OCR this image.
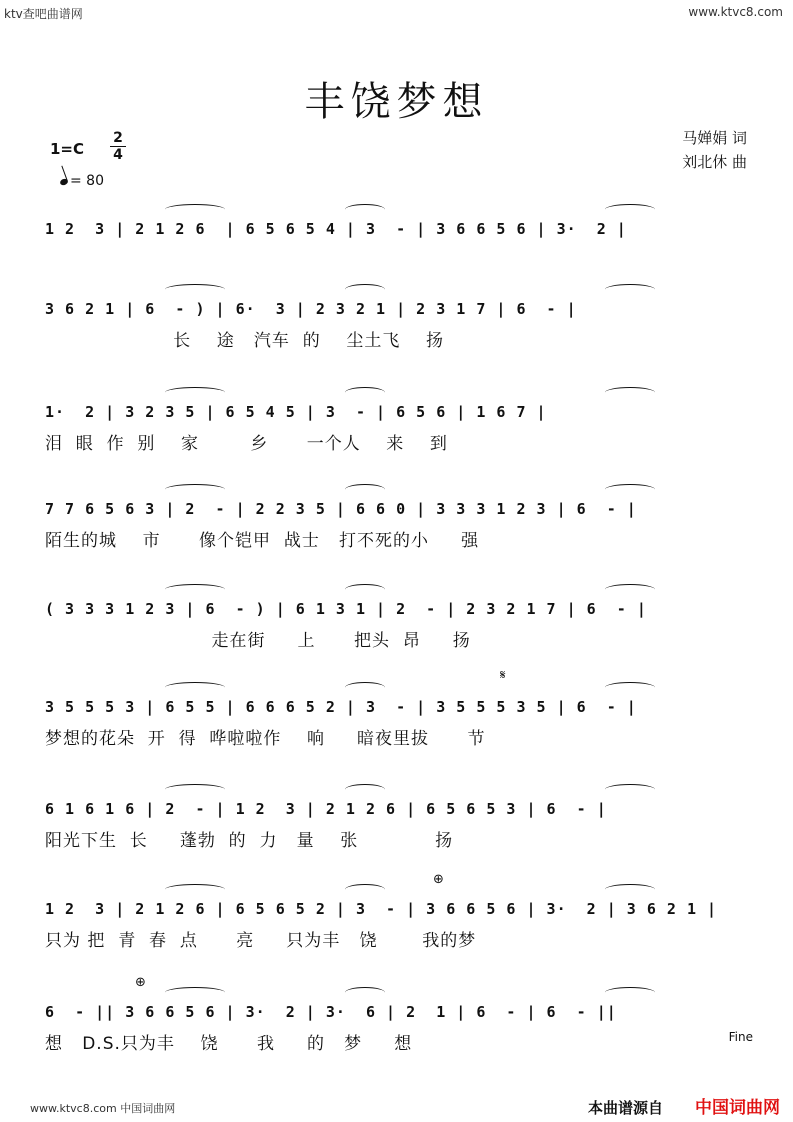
ktv查吧曲谱网	www.ktvc8.com
丰饶梦想
1=C
2
4
= 80
马婵娟 词
刘北休 曲
1 2  3 | 2 1 2 6  | 6 5 6 5 4 | 3  - | 3 6 6 5 6 | 3·  2 |
3 6 2 1 | 6  - ) | 6·  3 | 2 3 2 1 | 2 3 1 7 | 6  - |
长    途   汽车  的    尘土飞    扬
1·  2 | 3 2 3 5 | 6 5 4 5 | 3  - | 6 5 6 | 1 6 7 |
泪  眼  作  别    家        乡      一个人    来    到
7 7 6 5 6 3 | 2  - | 2 2 3 5 | 6 6 0 | 3 3 3 1 2 3 | 6  - |
陌生的城    市      像个铠甲  战士   打不死的小     强
( 3 3 3 1 2 3 | 6  - ) | 6 1 3 1 | 2  - | 2 3 2 1 7 | 6  - |
走在街     上      把头  昂     扬
3 5 5 5 3 | 6 5 5 | 6 6 6 5 2 | 3  - | 3 5 5 5 3 5 | 6  - |
梦想的花朵  开  得  哗啦啦作    响     暗夜里拔      节
6 1 6 1 6 | 2  - | 1 2  3 | 2 1 2 6 | 6 5 6 5 3 | 6  - |
阳光下生  长     蓬勃  的  力   量    张            扬
1 2  3 | 2 1 2 6 | 6 5 6 5 2 | 3  - | 3 6 6 5 6 | 3·  2 | 3 6 2 1 |
只为 把  青  春  点      亮     只为丰   饶       我的梦
6  - || 3 6 6 5 6 | 3·  2 | 3·  6 | 2  1 | 6  - | 6  - ||
想   D.S.只为丰    饶      我     的   梦     想
𝄋
⊕
⊕
Fine
www.ktvc8.com 中国词曲网	本曲谱源自 中国词曲网
